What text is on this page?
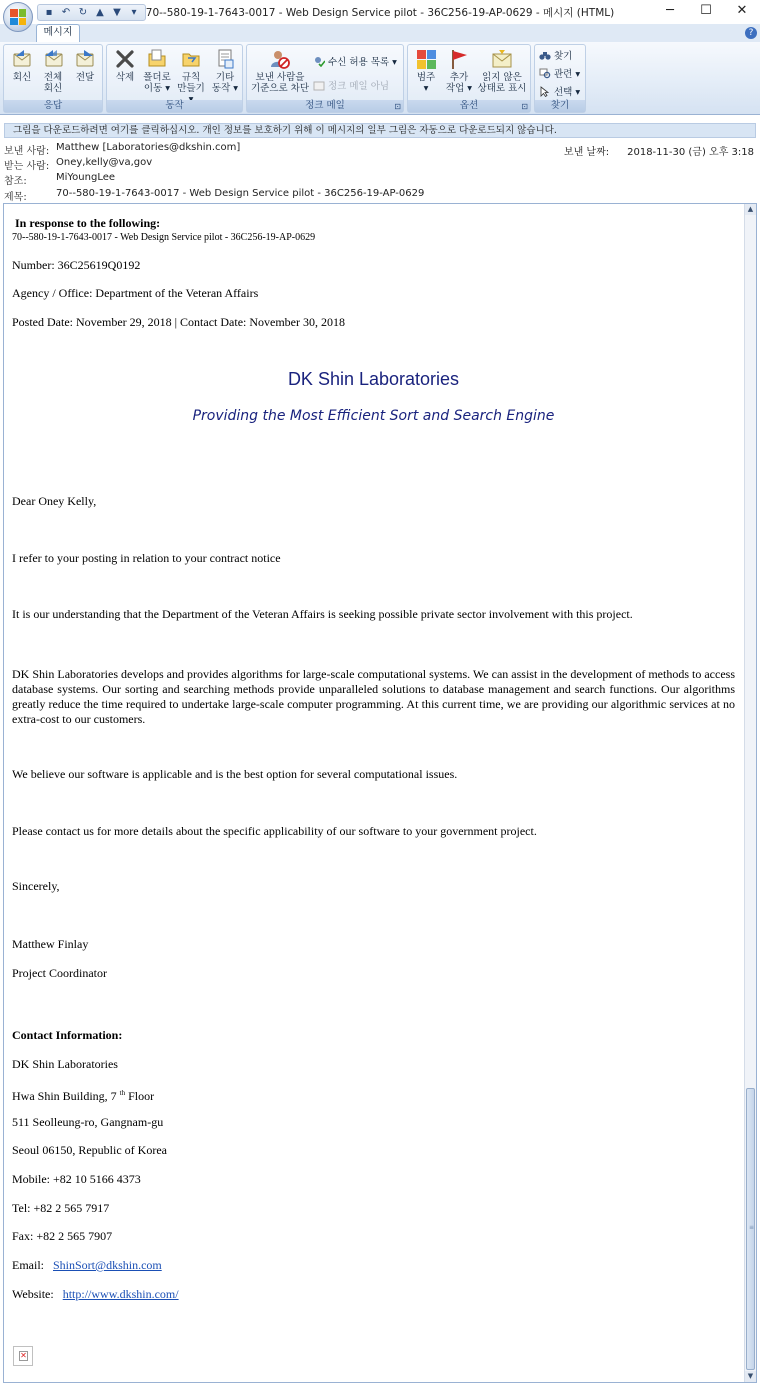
70--580-19-1-7643-0017 - Web Design Service pilot - 36C256-19-AP-0629 - 메시지 (HTML)	─	☐	✕
▪ ↶ ↻ ▲ ▼	▾
메시지	?
회신	전체
회신
전달
응답
삭제 폴더로
이동 ▾
규칙
만들기
기타
동작 ▾
동작
보낸 사람을
기준으로 차단
수신 허용 목록 ▾
정크 메일 아님
정크 메일	⊡
범주
▾
추가
작업 ▾
읽지 않은
상태로 표시
옵션	⊡
찾기
관련 ▾
선택 ▾
찾기
그림을 다운로드하려면 여기를 클릭하십시오. 개인 정보를 보호하기 위해 이 메시지의 일부 그림은 자동으로 다운로드되지 않습니다.
보낸 사람: Matthew [Laboratories@dkshin.com]
받는 사람: Oney,kelly@va,gov
참조:	MiYoungLee
제목:	70--580-19-1-7643-0017 - Web Design Service pilot - 36C256-19-AP-0629
보낸 날짜: 2018-11-30 (금) 오후 3:18

In response to the following:

70--580-19-1-7643-0017 - Web Design Service pilot - 36C256-19-AP-0629

Number: 36C25619Q0192

Agency / Office: Department of the Veteran Affairs

Posted Date: November 29, 2018 | Contact Date: November 30, 2018

DK Shin Laboratories
Providing the Most Efficient Sort and Search Engine

Dear Oney Kelly,

I refer to your posting in relation to your contract notice

It is our understanding that the Department of the Veteran Affairs is seeking possible private sector involvement with this project.

DK Shin Laboratories develops and provides algorithms for large-scale computational systems. We can assist in the development of methods to access database systems. Our sorting and searching methods provide unparalleled solutions to database management and search functions. Our algorithms greatly reduce the time required to undertake large-scale computer programming. At this current time, we are providing our algorithmic services at no extra-cost to our customers.

We believe our software is applicable and is the best option for several computational issues.

Please contact us for more details about the specific applicability of our software to your government project.

Sincerely,

Matthew Finlay

Project Coordinator

Contact Information:

DK Shin Laboratories

Hwa Shin Building, 7 $^{th}$ Floor

511 Seolleung-ro, Gangnam-gu

Seoul 06150, Republic of Korea

Mobile: +82 10 5166 4373

Tel: +82 2 565 7917

Fax: +82 2 565 7907

Email: ShinSort@dkshin.com

Website: http://www.dkshin.com/

✕
▲
≡
▼
